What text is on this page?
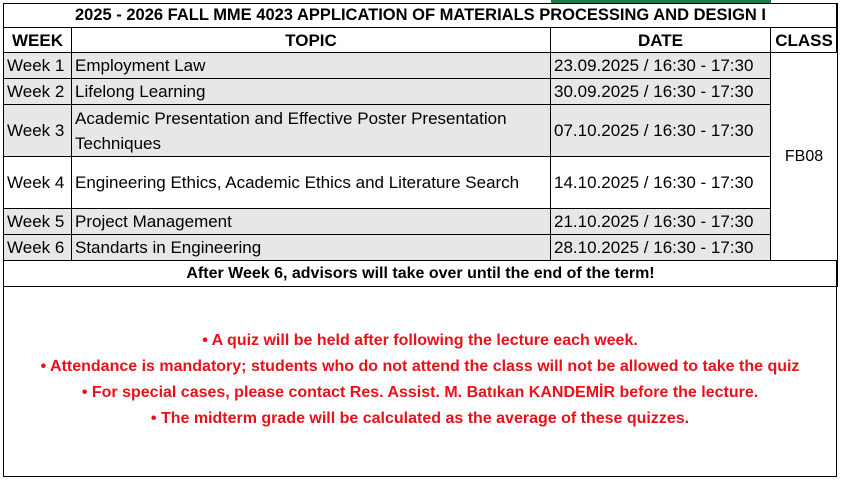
2025 - 2026 FALL MME 4023 APPLICATION OF MATERIALS PROCESSING AND DESIGN I			
WEEK	TOPIC	DATE	CLASS
Week 1	Employment Law	23.09.2025 / 16:30 - 17:30	FB08
Week 2	Lifelong Learning	30.09.2025 / 16:30 - 17:30	
Week 3	Academic Presentation and Effective Poster Presentation Techniques	07.10.2025 / 16:30 - 17:30	
Week 4	Engineering Ethics, Academic Ethics and Literature Search	14.10.2025 / 16:30 - 17:30	
Week 5	Project Management	21.10.2025 / 16:30 - 17:30	
Week 6	Standarts in Engineering	28.10.2025 / 16:30 - 17:30	
After Week 6, advisors will take over until the end of the term!			
• A quiz will be held after following the lecture each week.
• Attendance is mandatory; students who do not attend the class will not be allowed to take the quiz
• For special cases, please contact Res. Assist. M. Batıkan KANDEMİR before the lecture.
• The midterm grade will be calculated as the average of these quizzes.
